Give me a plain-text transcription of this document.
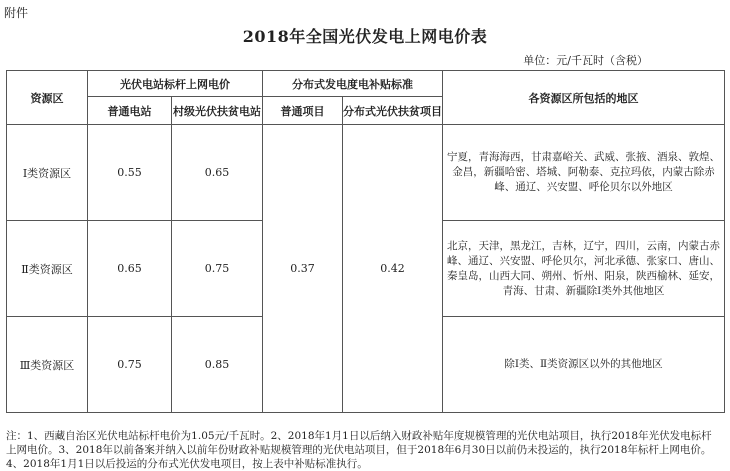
附件
2018年全国光伏发电上网电价表
单位：元/千瓦时（含税）
资源区	光伏电站标杆上网电价		分布式发电度电补贴标准		各资源区所包括的地区
	普通电站	村级光伏扶贫电站	普通项目	分布式光伏扶贫项目	
Ⅰ类资源区	0.55	0.65	0.37	0.42	宁夏，青海海西，甘肃嘉峪关、武威、张掖、酒泉、敦煌、金昌，新疆哈密、塔城、阿勒泰、克拉玛依，内蒙古除赤峰、通辽、兴安盟、呼伦贝尔以外地区
Ⅱ类资源区	0.65	0.75			北京，天津，黑龙江，吉林，辽宁，四川，云南，内蒙古赤峰、通辽、兴安盟、呼伦贝尔，河北承德、张家口、唐山、秦皇岛，山西大同、朔州、忻州、阳泉，陕西榆林、延安，青海、甘肃、新疆除Ⅰ类外其他地区
Ⅲ类资源区	0.75	0.85			除Ⅰ类、Ⅱ类资源区以外的其他地区
注：1、西藏自治区光伏电站标杆电价为1.05元/千瓦时。2、2018年1月1日以后纳入财政补贴年度规模管理的光伏电站项目，执行2018年光伏发电标杆上网电价。3、2018年以前备案并纳入以前年份财政补贴规模管理的光伏电站项目，但于2018年6月30日以前仍未投运的，执行2018年标杆上网电价。4、2018年1月1日以后投运的分布式光伏发电项目，按上表中补贴标准执行。
